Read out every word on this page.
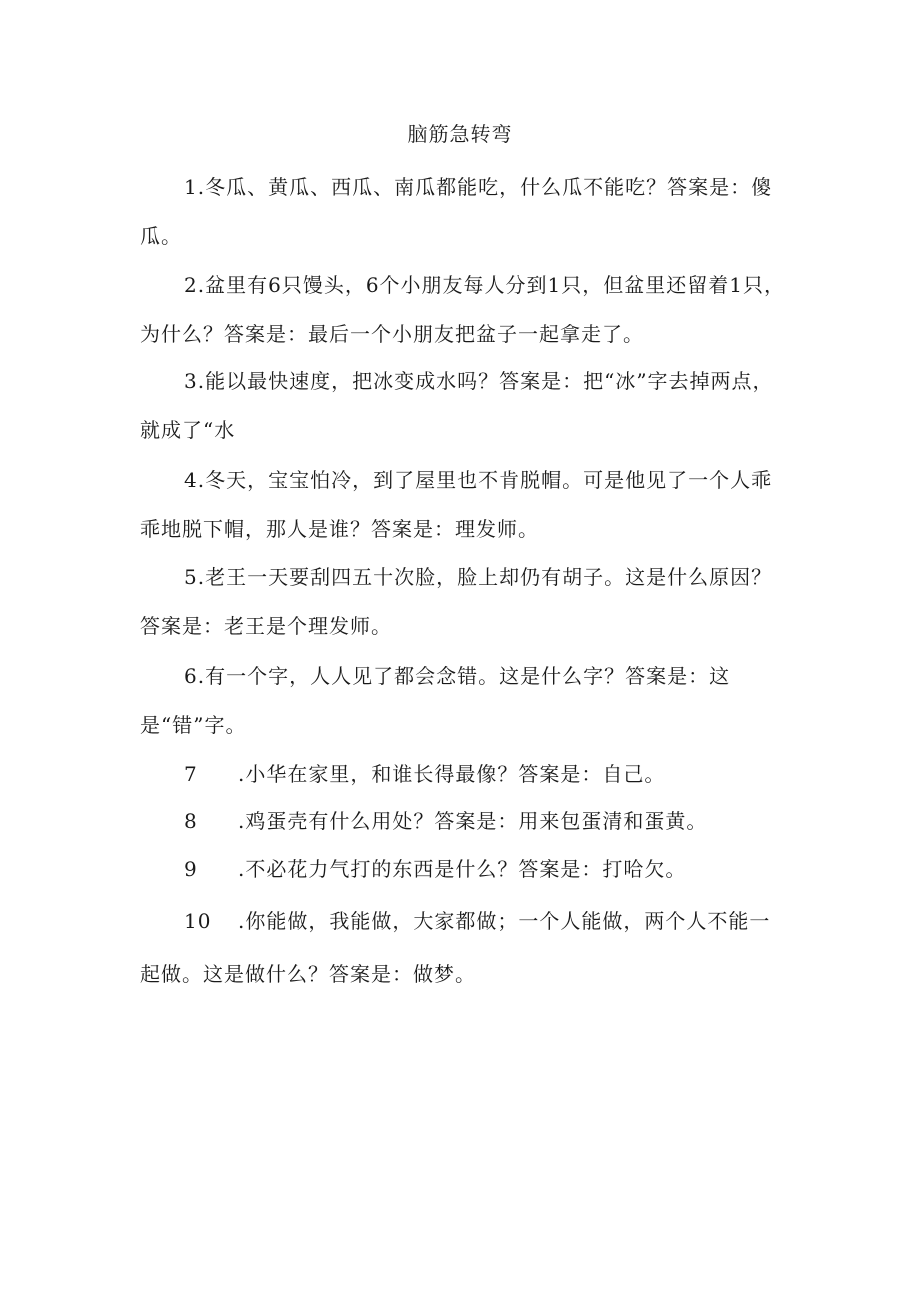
脑筋急转弯
1.冬瓜、黄瓜、西瓜、南瓜都能吃，什么瓜不能吃？答案是：傻瓜。
2.盆里有6只馒头，6个小朋友每人分到1只，但盆里还留着1只，为什么？答案是：最后一个小朋友把盆子一起拿走了。
3.能以最快速度，把冰变成水吗？答案是：把“冰”字去掉两点，就成了“水
4.冬天，宝宝怕冷，到了屋里也不肯脱帽。可是他见了一个人乖乖地脱下帽，那人是谁？答案是：理发师。
5.老王一天要刮四五十次脸，脸上却仍有胡子。这是什么原因？答案是：老王是个理发师。
6.有一个字，人人见了都会念错。这是什么字？答案是：这是“错”字。
7 .小华在家里，和谁长得最像？答案是：自己。
8 .鸡蛋壳有什么用处？答案是：用来包蛋清和蛋黄。
9 .不必花力气打的东西是什么？答案是：打哈欠。
10 .你能做，我能做，大家都做；一个人能做，两个人不能一起做。这是做什么？答案是：做梦。
